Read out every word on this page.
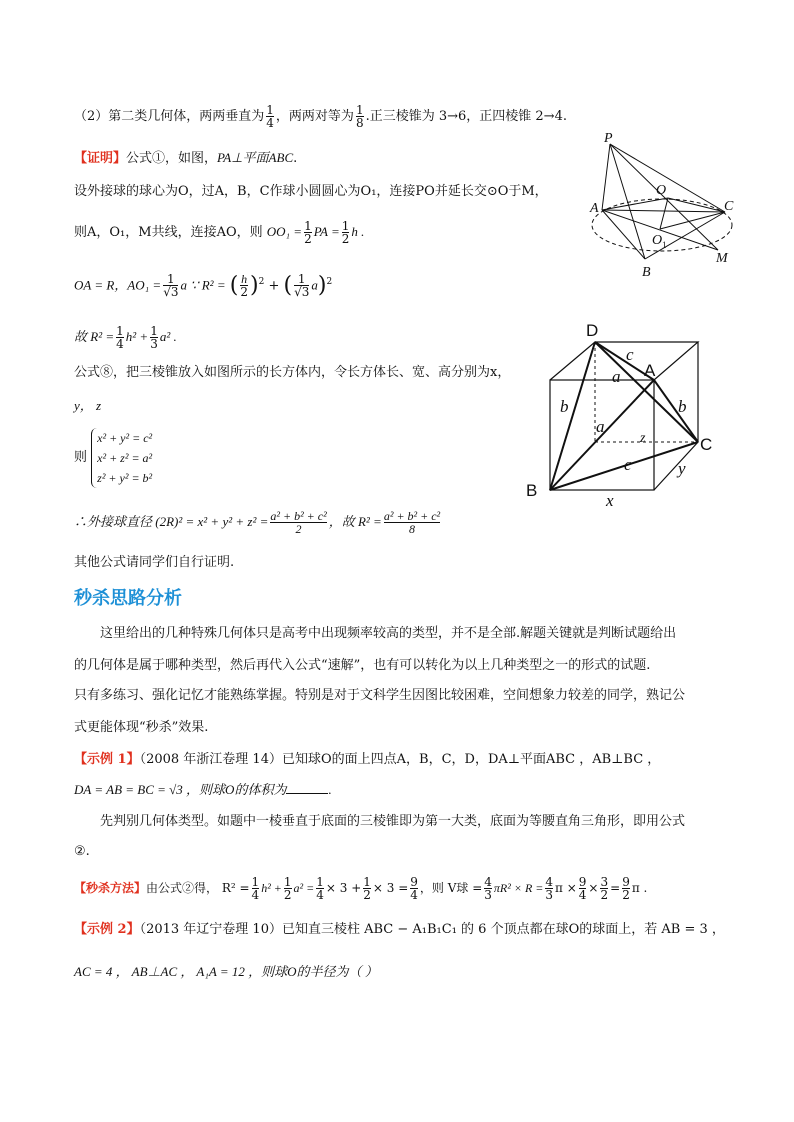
（2）第二类几何体，两两垂直为 $\frac{1}{4}$ ，两两对等为 $\frac{1}{8}$ .正三棱锥为 3→6，正四棱锥 2→4.
【证明】公式①，如图，PA⊥平面ABC.
设外接球的球心为O，过A，B，C作球小圆圆心为O₁，连接PO并延长交⊙O于M，
则A，O₁，M共线，连接AO，则 $OO_1 = \frac{1}{2}$ PA = $\frac{1}{2}$ h .
OA = R，$AO_1 = \frac{1}{√3}$ a ∵ R² = ( $\frac{h}{2} )^2$ + ( $\frac{1}{√3} a)^2$
故 $R^2 = \frac{1}{4} h^2 + \frac{1}{3} a^2$ .
公式⑧，把三棱锥放入如图所示的长方体内，令长方体长、宽、高分别为x，
y， z
则 x² + y² = c²
x² + z² = a²
z² + y² = b²
∴外接球直径 $(2R)^2 = x^2 + y^2 + z^2 = \frac{\text{a² + b² + c²}}{2}$ ，故 $R^2 = \frac{\text{a² + b² + c²}}{8}$
其他公式请同学们自行证明.
秒杀思路分析
这里给出的几种特殊几何体只是高考中出现频率较高的类型，并不是全部.解题关键就是判断试题给出
的几何体是属于哪种类型，然后再代入公式“速解”，也有可以转化为以上几种类型之一的形式的试题.
只有多练习、强化记忆才能熟练掌握。特别是对于文科学生因图比较困难，空间想象力较差的同学，熟记公
式更能体现“秒杀”效果.
【示例 1】（2008 年浙江卷理 14）已知球O的面上四点A，B，C，D，DA⊥平面ABC ，AB⊥BC ，
DA = AB = BC = √3 ，则球O的体积为	.
先判别几何体类型。如题中一棱垂直于底面的三棱锥即为第一大类，底面为等腰直角三角形，即用公式
②.
【秒杀方法】由公式②得， $R^2 = \frac{1}{4} h^2 + \frac{1}{2} a^2 = \frac{1}{4} \times 3 + \frac{1}{2} \times 3 = \frac{9}{4}$ ，则 V球 = $\frac{4}{3} \pi R^2 \times R = \frac{4}{3}$ $\pi \times \frac{9}{4} \times \frac{3}{2} = \frac{9}{2}$ π .
【示例 2】（2013 年辽宁卷理 10）已知直三棱柱 ABC − A₁B₁C₁ 的 6 个顶点都在球O的球面上，若 AB = 3 ，
AC = 4 ， AB⊥AC ， A₁A = 12 ，则球O的半径为（ ）
P
O
A	C
O 1
B
M
D
c
A
a
b	b
a
z	C
c	y
B
x
